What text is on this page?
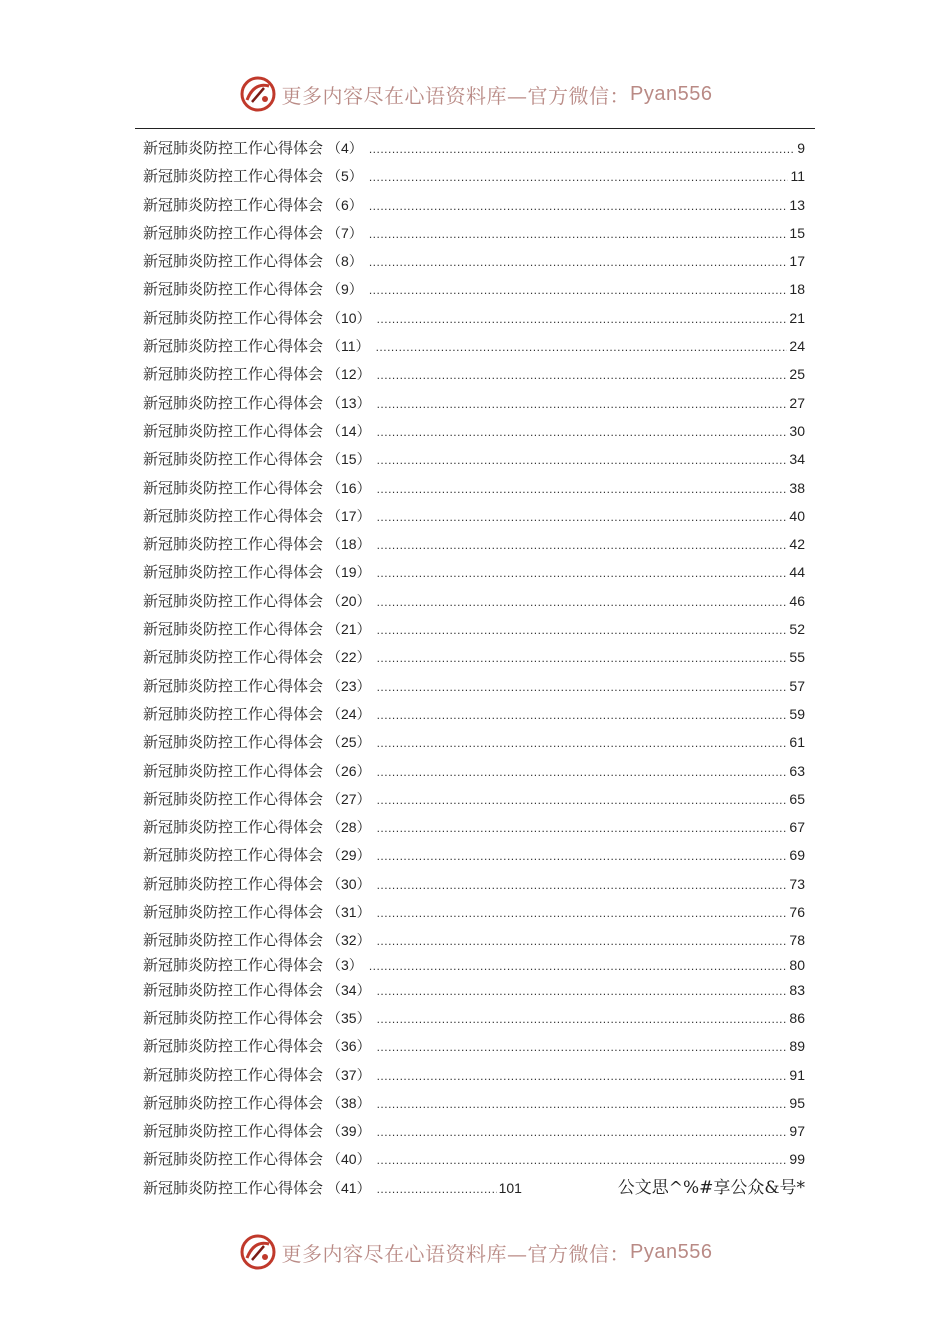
更多内容尽在心语资料库—官方微信： Pyan556
新冠肺炎防控工作心得体会 （4） .....	9
新冠肺炎防控工作心得体会 （5） .....	11
新冠肺炎防控工作心得体会 （6） .....	13
新冠肺炎防控工作心得体会 （7） .....	15
新冠肺炎防控工作心得体会 （8） .....	17
新冠肺炎防控工作心得体会 （9） .....	18
新冠肺炎防控工作心得体会 （10） .....	21
新冠肺炎防控工作心得体会 （11） .....	24
新冠肺炎防控工作心得体会 （12） .....	25
新冠肺炎防控工作心得体会 （13） .....	27
新冠肺炎防控工作心得体会 （14） .....	30
新冠肺炎防控工作心得体会 （15） .....	34
新冠肺炎防控工作心得体会 （16） .....	38
新冠肺炎防控工作心得体会 （17） .....	40
新冠肺炎防控工作心得体会 （18） .....	42
新冠肺炎防控工作心得体会 （19） .....	44
新冠肺炎防控工作心得体会 （20） .....	46
新冠肺炎防控工作心得体会 （21） .....	52
新冠肺炎防控工作心得体会 （22） .....	55
新冠肺炎防控工作心得体会 （23） .....	57
新冠肺炎防控工作心得体会 （24） .....	59
新冠肺炎防控工作心得体会 （25） .....	61
新冠肺炎防控工作心得体会 （26） .....	63
新冠肺炎防控工作心得体会 （27） .....	65
新冠肺炎防控工作心得体会 （28） .....	67
新冠肺炎防控工作心得体会 （29） .....	69
新冠肺炎防控工作心得体会 （30） .....	73
新冠肺炎防控工作心得体会 （31） .....	76
新冠肺炎防控工作心得体会 （32） .....	78
新冠肺炎防控工作心得体会 （3） .....	80
新冠肺炎防控工作心得体会 （34） .....	83
新冠肺炎防控工作心得体会 （35） .....	86
新冠肺炎防控工作心得体会 （36） .....	89
新冠肺炎防控工作心得体会 （37） .....	91
新冠肺炎防控工作心得体会 （38） .....	95
新冠肺炎防控工作心得体会 （39） .....	97
新冠肺炎防控工作心得体会 （40） .....	99
新冠肺炎防控工作心得体会 （41） .....	101	公文思^%#享公众&号*
更多内容尽在心语资料库—官方微信： Pyan556
